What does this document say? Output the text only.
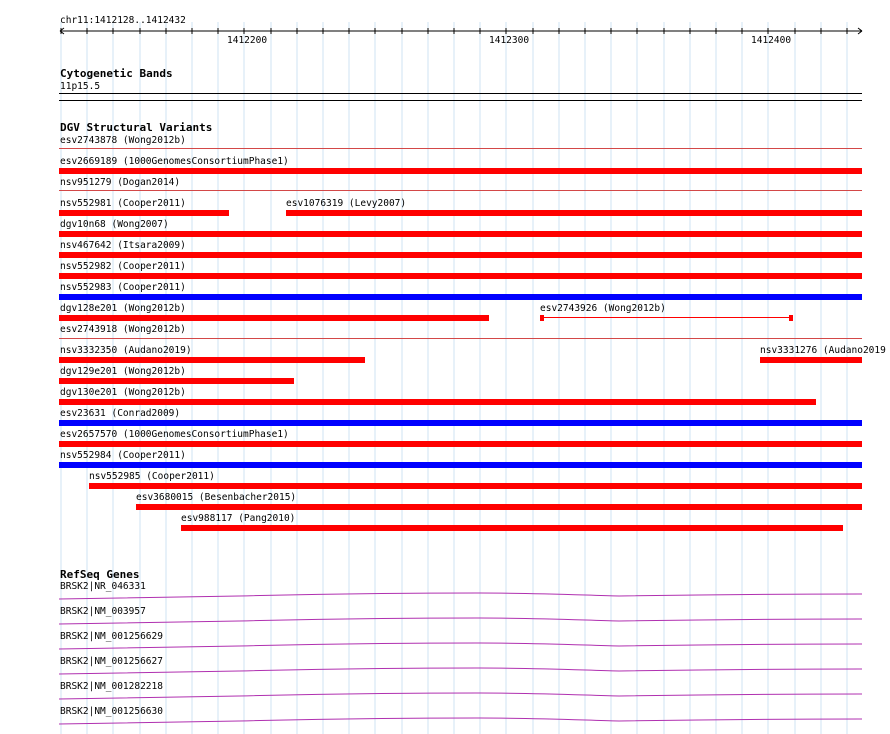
chr11:1412128..1412432
1412200	1412300	1412400
Cytogenetic Bands
11p15.5
DGV Structural Variants
esv2743878 (Wong2012b)
esv2669189 (1000GenomesConsortiumPhase1)
nsv951279 (Dogan2014)
nsv552981 (Cooper2011)	esv1076319 (Levy2007)
dgv10n68 (Wong2007)
nsv467642 (Itsara2009)
nsv552982 (Cooper2011)
nsv552983 (Cooper2011)
dgv128e201 (Wong2012b)	esv2743926 (Wong2012b)
esv2743918 (Wong2012b)
nsv3332350 (Audano2019)	nsv3331276 (Audano2019
dgv129e201 (Wong2012b)
dgv130e201 (Wong2012b)
esv23631 (Conrad2009)
esv2657570 (1000GenomesConsortiumPhase1)
nsv552984 (Cooper2011)
nsv552985 (Cooper2011)
esv3680015 (Besenbacher2015)
esv988117 (Pang2010)
RefSeq Genes
BRSK2|NR_046331
BRSK2|NM_003957
BRSK2|NM_001256629
BRSK2|NM_001256627
BRSK2|NM_001282218
BRSK2|NM_001256630
